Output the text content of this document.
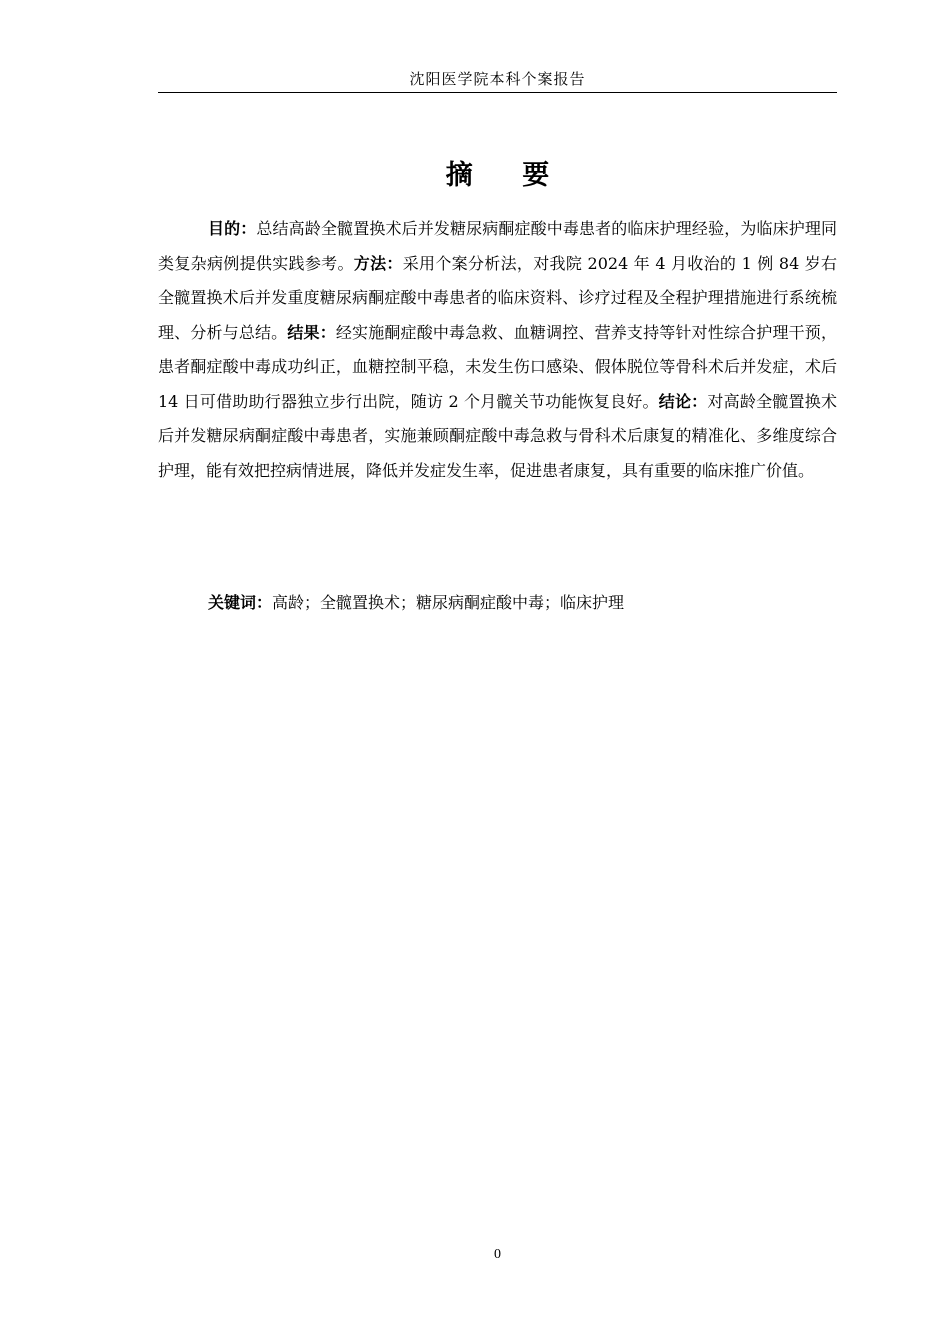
沈阳医学院本科个案报告
摘 要

目的：总结高龄全髋置换术后并发糖尿病酮症酸中毒患者的临床护理经验，为临床护理同类复杂病例提供实践参考。方法：采用个案分析法，对我院 2024 年 4 月收治的 1 例 84 岁右全髋置换术后并发重度糖尿病酮症酸中毒患者的临床资料、诊疗过程及全程护理措施进行系统梳理、分析与总结。结果：经实施酮症酸中毒急救、血糖调控、营养支持等针对性综合护理干预，患者酮症酸中毒成功纠正，血糖控制平稳，未发生伤口感染、假体脱位等骨科术后并发症，术后 14 日可借助助行器独立步行出院，随访 2 个月髋关节功能恢复良好。结论：对高龄全髋置换术后并发糖尿病酮症酸中毒患者，实施兼顾酮症酸中毒急救与骨科术后康复的精准化、多维度综合护理，能有效把控病情进展，降低并发症发生率，促进患者康复，具有重要的临床推广价值。

关键词：高龄；全髋置换术；糖尿病酮症酸中毒；临床护理

0
